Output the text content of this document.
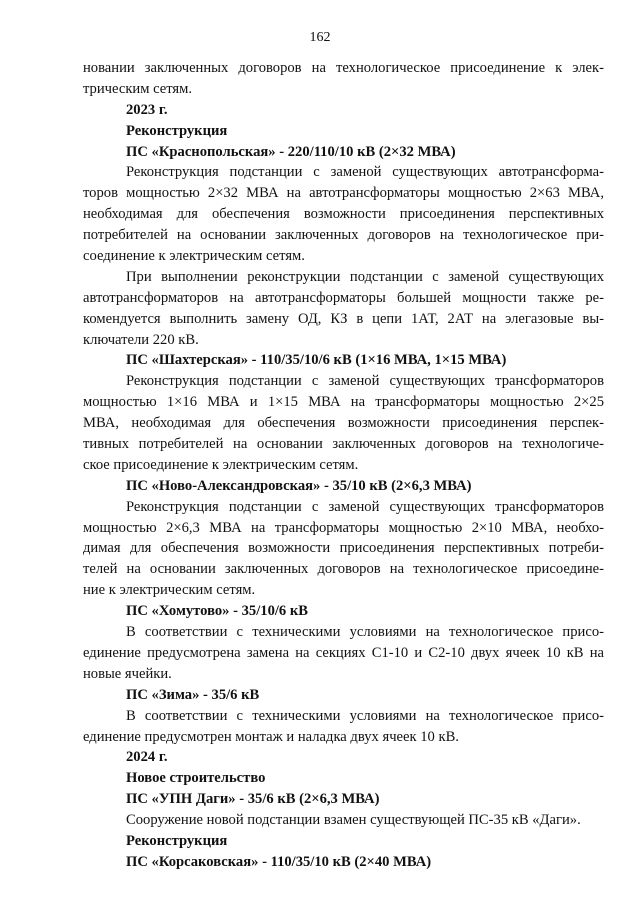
162
новании заключенных договоров на технологическое присоединение к элек-
трическим сетям.
2023 г.
Реконструкция
ПС «Краснопольская» - 220/110/10 кВ (2×32 МВА)
Реконструкция подстанции с заменой существующих автотрансформа-
торов мощностью 2×32 МВА на автотрансформаторы мощностью 2×63 МВА,
необходимая для обеспечения возможности присоединения перспективных
потребителей на основании заключенных договоров на технологическое при-
соединение к электрическим сетям.
При выполнении реконструкции подстанции с заменой существующих
автотрансформаторов на автотрансформаторы большей мощности также ре-
комендуется выполнить замену ОД, КЗ в цепи 1АТ, 2АТ на элегазовые вы-
ключатели 220 кВ.
ПС «Шахтерская» - 110/35/10/6 кВ (1×16 МВА, 1×15 МВА)
Реконструкция подстанции с заменой существующих трансформаторов
мощностью 1×16 МВА и 1×15 МВА на трансформаторы мощностью 2×25
МВА, необходимая для обеспечения возможности присоединения перспек-
тивных потребителей на основании заключенных договоров на технологиче-
ское присоединение к электрическим сетям.
ПС «Ново-Александровская» - 35/10 кВ (2×6,3 МВА)
Реконструкция подстанции с заменой существующих трансформаторов
мощностью 2×6,3 МВА на трансформаторы мощностью 2×10 МВА, необхо-
димая для обеспечения возможности присоединения перспективных потреби-
телей на основании заключенных договоров на технологическое присоедине-
ние к электрическим сетям.
ПС «Хомутово» - 35/10/6 кВ
В соответствии с техническими условиями на технологическое присо-
единение предусмотрена замена на секциях С1-10 и С2-10 двух ячеек 10 кВ на
новые ячейки.
ПС «Зима» - 35/6 кВ
В соответствии с техническими условиями на технологическое присо-
единение предусмотрен монтаж и наладка двух ячеек 10 кВ.
2024 г.
Новое строительство
ПС «УПН Даги» - 35/6 кВ (2×6,3 МВА)
Сооружение новой подстанции взамен существующей ПС-35 кВ «Даги».
Реконструкция
ПС «Корсаковская» - 110/35/10 кВ (2×40 МВА)
